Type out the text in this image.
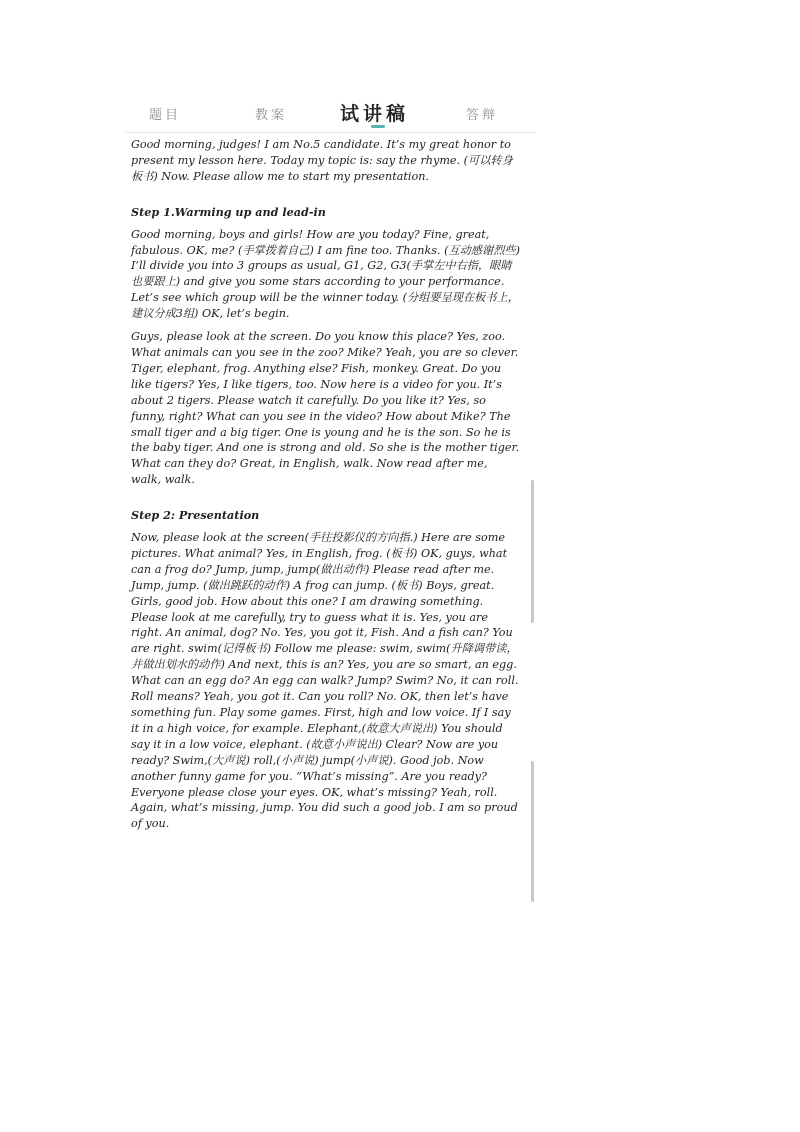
题目	教案	试讲稿	答辩

Good morning, judges! I am No.5 candidate. It’s my great honor to present my lesson here. Today my topic is: say the rhyme. (可以转身板书) Now. Please allow me to start my presentation.

Step 1.Warming up and lead-in

Good morning, boys and girls! How are you today? Fine, great, fabulous. OK, me? (手掌拨着自己) I am fine too. Thanks. (互动感谢烈些) I’ll divide you into 3 groups as usual, G1, G2, G3(手掌左中右指，眼睛也要跟上) and give you some stars according to your performance. Let’s see which group will be the winner today. (分组要呈现在板书上，建议分成3组) OK, let’s begin.

Guys, please look at the screen. Do you know this place? Yes, zoo. What animals can you see in the zoo? Mike? Yeah, you are so clever. Tiger, elephant, frog. Anything else? Fish, monkey. Great. Do you like tigers? Yes, I like tigers, too. Now here is a video for you. It’s about 2 tigers. Please watch it carefully. Do you like it? Yes, so funny, right? What can you see in the video? How about Mike? The small tiger and a big tiger. One is young and he is the son. So he is the baby tiger. And one is strong and old. So she is the mother tiger. What can they do? Great, in English, walk. Now read after me, walk, walk.

Step 2: Presentation

Now, please look at the screen(手往投影仪的方向指.) Here are some pictures. What animal? Yes, in English, frog. (板书) OK, guys, what can a frog do? Jump, jump, jump(做出动作) Please read after me. Jump, jump. (做出跳跃的动作) A frog can jump. (板书) Boys, great. Girls, good job. How about this one? I am drawing something. Please look at me carefully, try to guess what it is. Yes, you are right. An animal, dog? No. Yes, you got it, Fish. And a fish can? You are right. swim(记得板书) Follow me please: swim, swim(升降调带读，并做出划水的动作) And next, this is an? Yes, you are so smart, an egg. What can an egg do? An egg can walk? Jump? Swim? No, it can roll. Roll means? Yeah, you got it. Can you roll? No. OK, then let’s have something fun. Play some games. First, high and low voice. If I say it in a high voice, for example. Elephant,(故意大声说出) You should say it in a low voice, elephant. (故意小声说出) Clear? Now are you ready? Swim,(大声说) roll,(小声说) jump(小声说). Good job. Now another funny game for you. “What’s missing”. Are you ready? Everyone please close your eyes. OK, what’s missing? Yeah, roll. Again, what’s missing, jump. You did such a good job. I am so proud of you.
